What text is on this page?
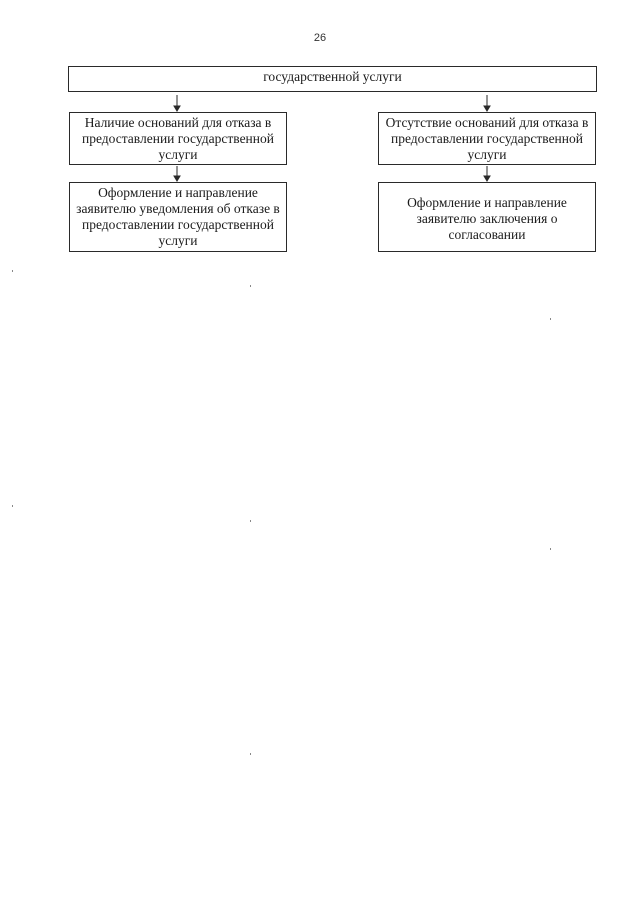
26
государственной услуги
Наличие оснований для отказа в предоставлении государственной услуги
Отсутствие оснований для отказа в предоставлении государственной услуги
Оформление и направление заявителю уведомления об отказе в предоставлении государственной услуги
Оформление и направление заявителю заключения о согласовании
